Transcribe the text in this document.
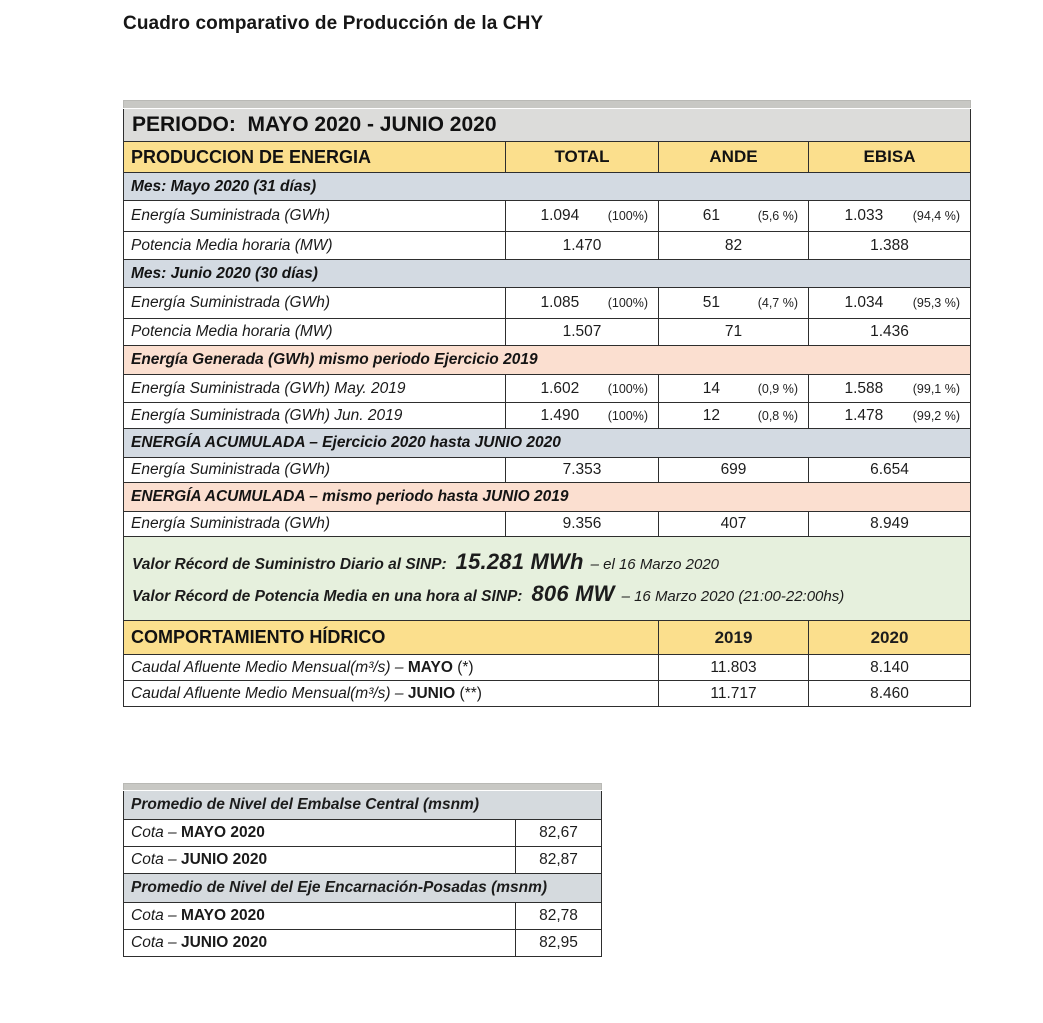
Cuadro comparativo de Producción de la CHY

PERIODO:  MAYO 2020 - JUNIO 2020			
PRODUCCION DE ENERGIA	TOTAL	ANDE	EBISA
Mes: Mayo 2020 (31 días)			
Energía Suministrada (GWh)	1.094 (100%)	61 (5,6 %)	1.033 (94,4 %)

Potencia Media horaria (MW)	1.470	82	1.388
Mes: Junio 2020 (30 días)			
Energía Suministrada (GWh)	1.085 (100%)	51 (4,7 %)	1.034 (95,3 %)

Potencia Media horaria (MW)	1.507	71	1.436
Energía Generada (GWh) mismo periodo Ejercicio 2019			
Energía Suministrada (GWh) May. 2019	1.602 (100%)	14 (0,9 %)	1.588 (99,1 %)

Energía Suministrada (GWh) Jun. 2019	1.490 (100%)	12 (0,8 %)	1.478 (99,2 %)

ENERGÍA ACUMULADA – Ejercicio 2020 hasta JUNIO 2020			
Energía Suministrada (GWh)	7.353	699	6.654
ENERGÍA ACUMULADA – mismo periodo hasta JUNIO 2019			
Energía Suministrada (GWh)	9.356	407	8.949

Valor Récord de Suministro Diario al SINP: 15.281 MWh – el 16 Marzo 2020
Valor Récord de Potencia Media en una hora al SINP: 806 MW – 16 Marzo 2020 (21:00-22:00hs)

COMPORTAMIENTO HÍDRICO		2019	2020
Caudal Afluente Medio Mensual(m³/s) – MAYO (*)		11.803	8.140
Caudal Afluente Medio Mensual(m³/s) – JUNIO (**)		11.717	8.460

Promedio de Nivel del Embalse Central (msnm)	
Cota – MAYO 2020	82,67
Cota – JUNIO 2020	82,87
Promedio de Nivel del Eje Encarnación-Posadas (msnm)	
Cota – MAYO 2020	82,78
Cota – JUNIO 2020	82,95
